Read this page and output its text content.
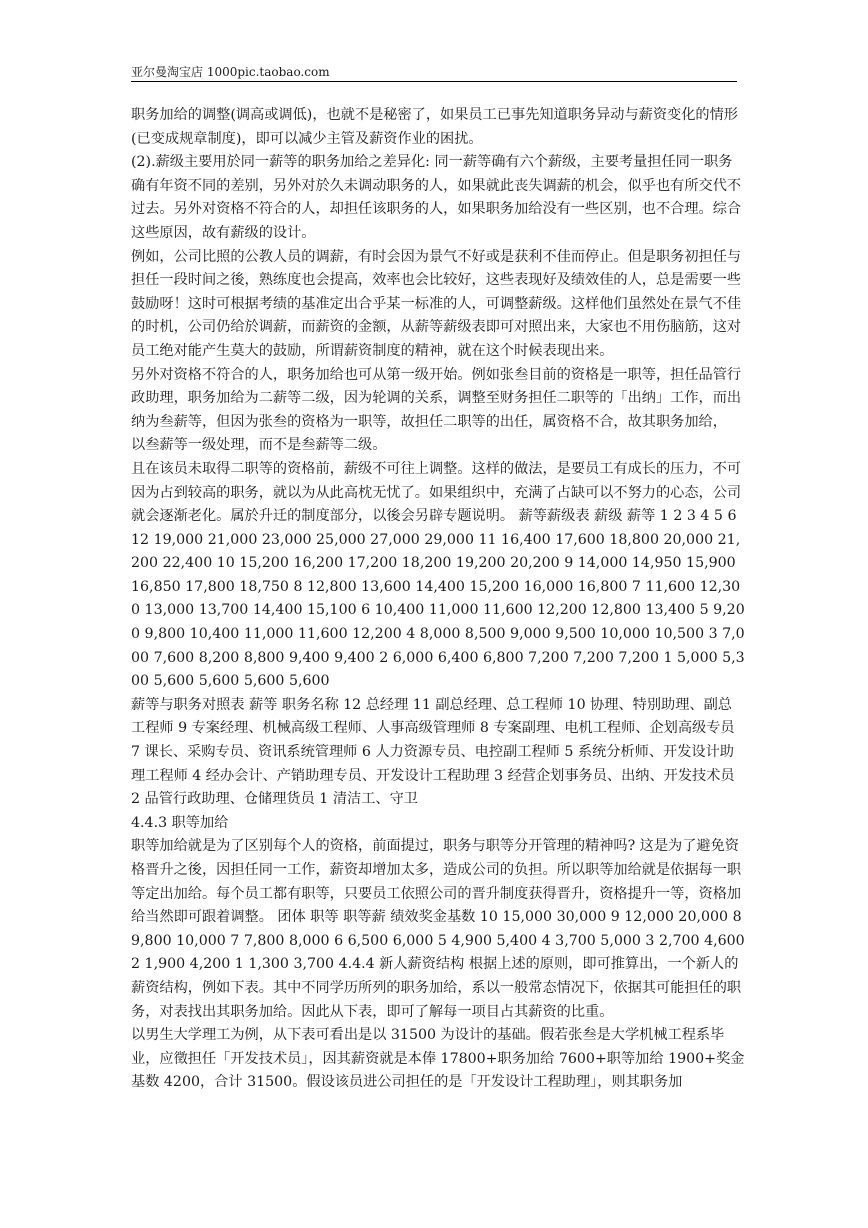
亚尔曼淘宝店 1000pic.taobao.com

职务加给的调整(调高或调低)，也就不是秘密了，如果员工已事先知道职务异动与薪资变化的情形(已变成规章制度)，即可以减少主管及薪资作业的困扰。

(2).薪级主要用於同一薪等的职务加给之差异化: 同一薪等确有六个薪级，主要考量担任同一职务确有年资不同的差别，另外对於久未调动职务的人，如果就此丧失调薪的机会，似乎也有所交代不过去。另外对资格不符合的人，却担任该职务的人，如果职务加给没有一些区别，也不合理。综合这些原因，故有薪级的设计。

例如，公司比照的公教人员的调薪，有时会因为景气不好或是获利不佳而停止。但是职务初担任与担任一段时间之後，熟练度也会提高，效率也会比较好，这些表现好及绩效佳的人，总是需要一些鼓励呀！这时可根据考绩的基准定出合乎某一标准的人，可调整薪级。这样他们虽然处在景气不佳的时机，公司仍给於调薪，而薪资的金额，从薪等薪级表即可对照出来，大家也不用伤脑筋，这对员工绝对能产生莫大的鼓励，所谓薪资制度的精神，就在这个时候表现出来。

另外对资格不符合的人，职务加给也可从第一级开始。例如张叁目前的资格是一职等，担任品管行政助理，职务加给为二薪等二级，因为轮调的关系，调整至财务担任二职等的「出纳」工作，而出纳为叁薪等，但因为张叁的资格为一职等，故担任二职等的出任，属资格不合，故其职务加给，

以叁薪等一级处理，而不是叁薪等二级。

且在该员未取得二职等的资格前，薪级不可往上调整。这样的做法，是要员工有成长的压力，不可因为占到较高的职务，就以为从此高枕无忧了。如果组织中，充满了占缺可以不努力的心态，公司就会逐渐老化。属於升迁的制度部分，以後会另辟专题说明。 薪等薪级表 薪级 薪等 1 2 3 4 5 6 12 19,000 21,000 23,000 25,000 27,000 29,000 11 16,400 17,600 18,800 20,000 21,200 22,400 10 15,200 16,200 17,200 18,200 19,200 20,200 9 14,000 14,950 15,900 16,850 17,800 18,750 8 12,800 13,600 14,400 15,200 16,000 16,800 7 11,600 12,300 13,000 13,700 14,400 15,100 6 10,400 11,000 11,600 12,200 12,800 13,400 5 9,200 9,800 10,400 11,000 11,600 12,200 4 8,000 8,500 9,000 9,500 10,000 10,500 3 7,000 7,600 8,200 8,800 9,400 9,400 2 6,000 6,400 6,800 7,200 7,200 7,200 1 5,000 5,300 5,600 5,600 5,600 5,600

薪等与职务对照表 薪等 职务名称 12 总经理 11 副总经理、总工程师 10 协理、特別助理、副总工程师 9 专案经理、机械高级工程师、人事高级管理师 8 专案副理、电机工程师、企划高级专员 7 课长、采购专员、资讯系统管理师 6 人力资源专员、电控副工程师 5 系统分析师、开发设计助理工程师 4 经办会计、产销助理专员、开发设计工程助理 3 经营企划事务员、出纳、开发技术员 2 品管行政助理、仓储理货员 1 清洁工、守卫

4.4.3 职等加给

职等加给就是为了区别每个人的资格，前面提过，职务与职等分开管理的精神吗? 这是为了避免资格晋升之後，因担任同一工作，薪资却增加太多，造成公司的负担。所以职等加给就是依据每一职等定出加给。每个员工都有职等，只要员工依照公司的晋升制度获得晋升，资格提升一等，资格加给当然即可跟着调整。 团体 职等 职等薪 绩效奖金基数 10 15,000 30,000 9 12,000 20,000 8 9,800 10,000 7 7,800 8,000 6 6,500 6,000 5 4,900 5,400 4 3,700 5,000 3 2,700 4,600 2 1,900 4,200 1 1,300 3,700 4.4.4 新人薪资结构 根据上述的原则，即可推算出，一个新人的薪资结构，例如下表。其中不同学历所列的职务加给，系以一般常态情况下，依据其可能担任的职务，对表找出其职务加给。因此从下表，即可了解每一项目占其薪资的比重。

以男生大学理工为例，从下表可看出是以 31500 为设计的基础。假若张叁是大学机械工程系毕业，应徵担任「开发技术员」，因其薪资就是本俸 17800+职务加给 7600+职等加给 1900+奖金基数 4200，合计 31500。假设该员进公司担任的是「开发设计工程助理」，则其职务加
